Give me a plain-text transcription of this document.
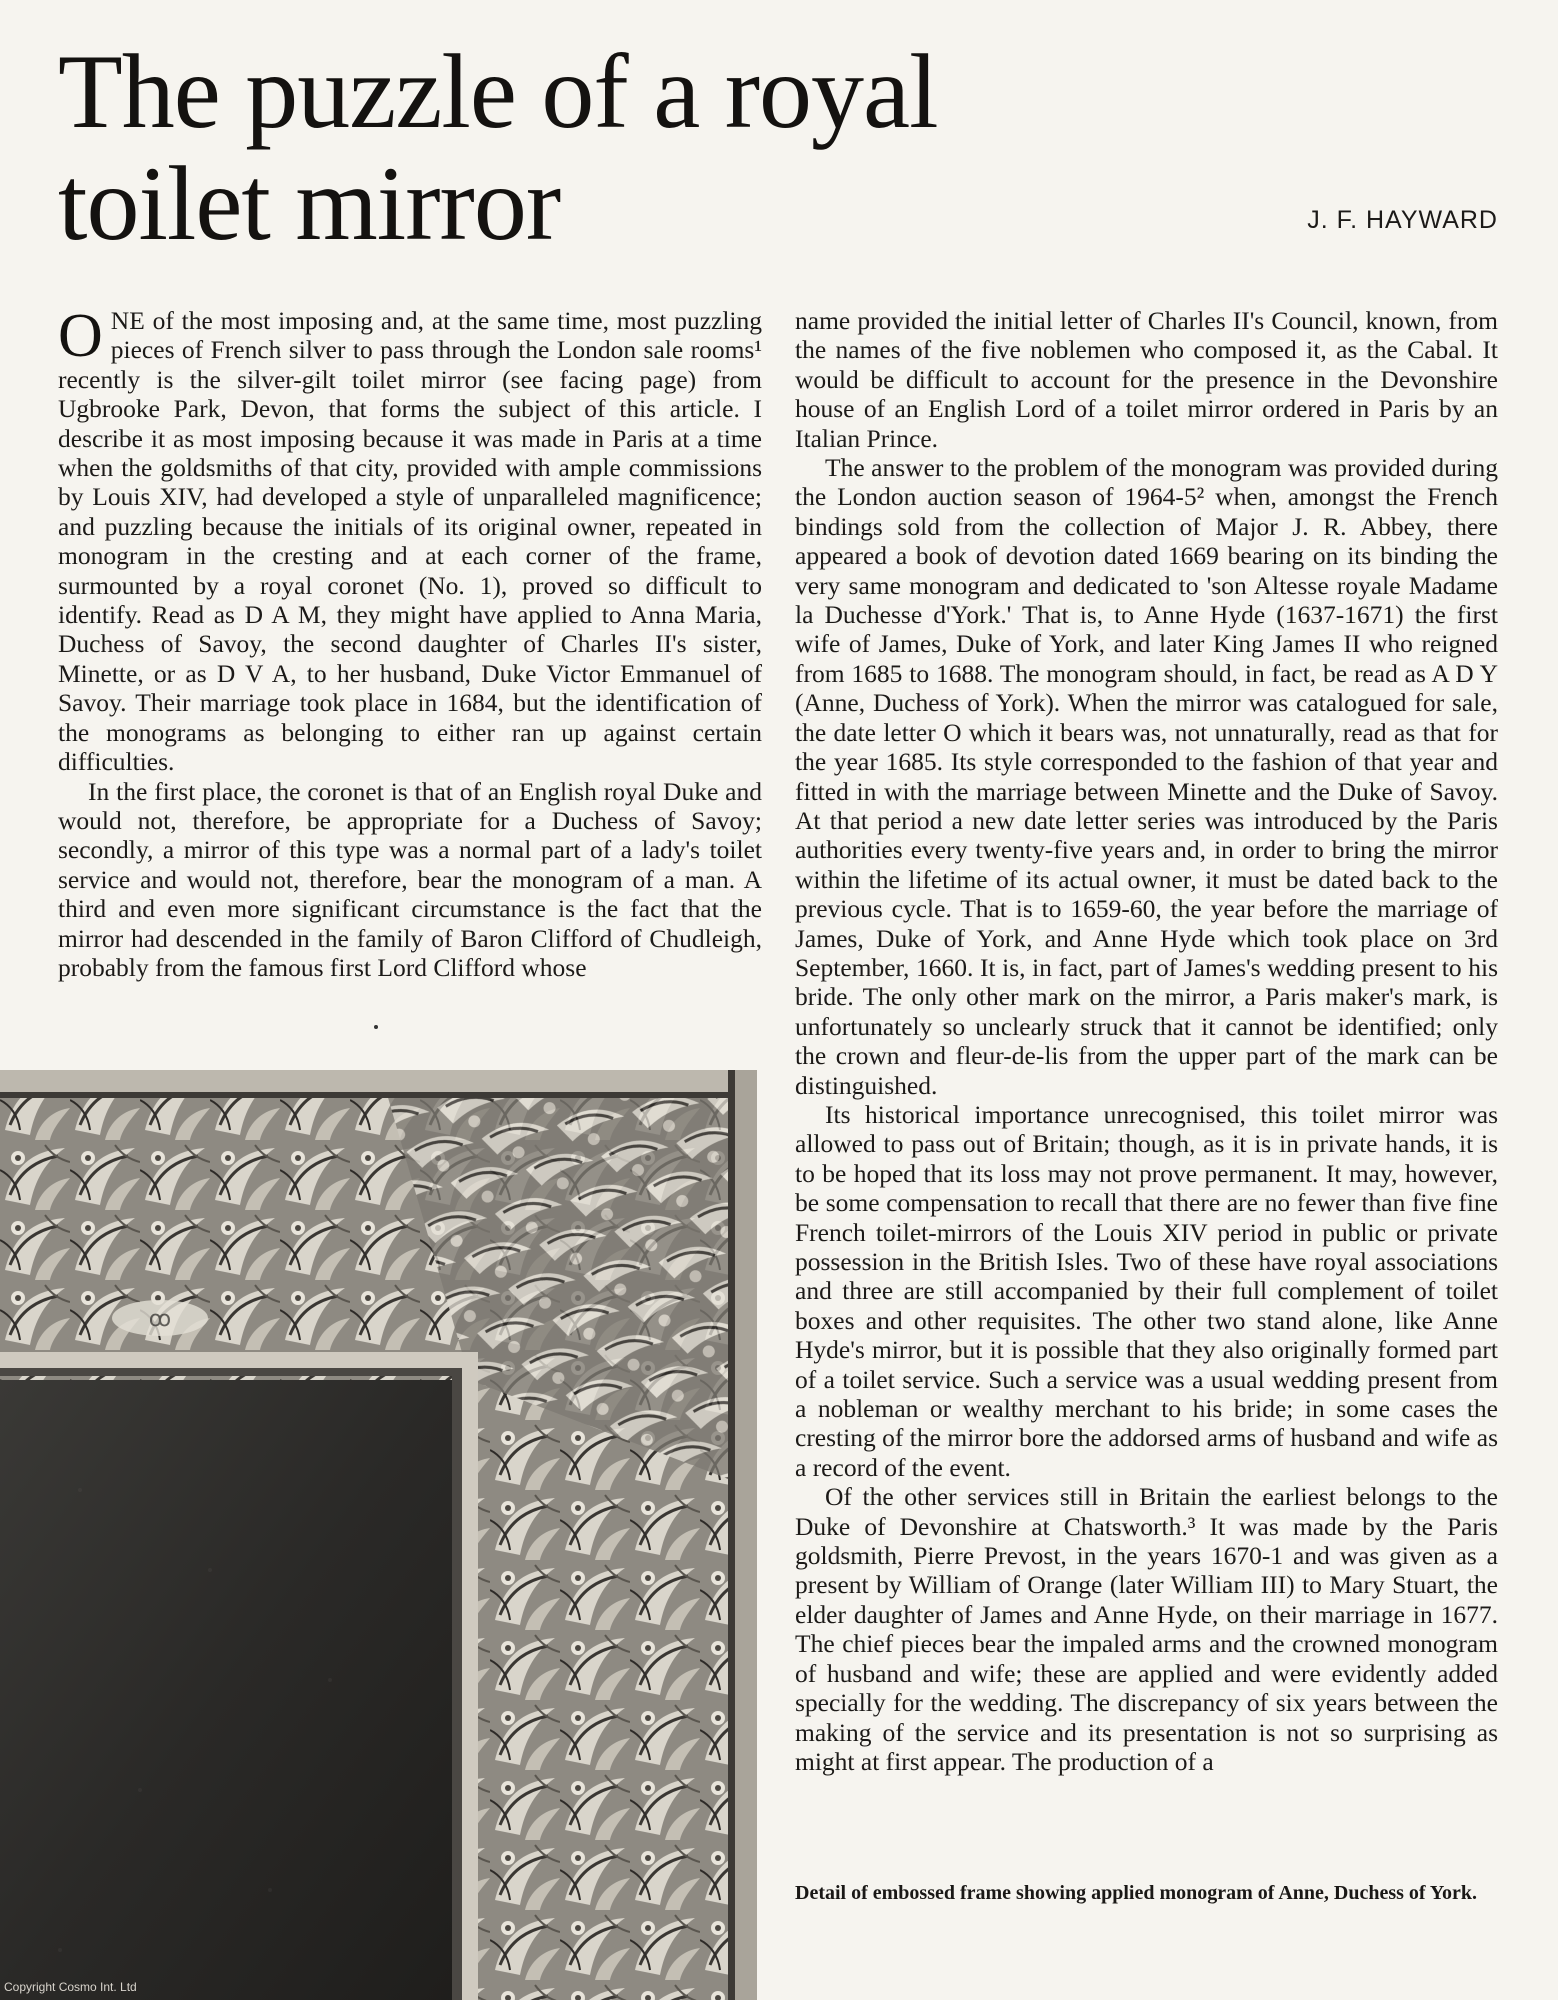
The puzzle of a royal toilet mirror	J. F. HAYWARD

ONE of the most imposing and, at the same time, most puzzling pieces of French silver to pass through the London sale rooms¹ recently is the silver-gilt toilet mirror (see facing page) from Ugbrooke Park, Devon, that forms the subject of this article. I describe it as most imposing because it was made in Paris at a time when the goldsmiths of that city, provided with ample commissions by Louis XIV, had developed a style of unparalleled magnificence; and puzzling because the initials of its original owner, repeated in monogram in the cresting and at each corner of the frame, surmounted by a royal coronet (No. 1), proved so difficult to identify. Read as D A M, they might have applied to Anna Maria, Duchess of Savoy, the second daughter of Charles II's sister, Minette, or as D V A, to her husband, Duke Victor Emmanuel of Savoy. Their marriage took place in 1684, but the identification of the monograms as belonging to either ran up against certain difficulties.

In the first place, the coronet is that of an English royal Duke and would not, therefore, be appropriate for a Duchess of Savoy; secondly, a mirror of this type was a normal part of a lady's toilet service and would not, therefore, bear the monogram of a man. A third and even more significant circumstance is the fact that the mirror had descended in the family of Baron Clifford of Chudleigh, probably from the famous first Lord Clifford whose

name provided the initial letter of Charles II's Council, known, from the names of the five noblemen who composed it, as the Cabal. It would be difficult to account for the presence in the Devonshire house of an English Lord of a toilet mirror ordered in Paris by an Italian Prince.

The answer to the problem of the monogram was provided during the London auction season of 1964-5² when, amongst the French bindings sold from the collection of Major J. R. Abbey, there appeared a book of devotion dated 1669 bearing on its binding the very same monogram and dedicated to 'son Altesse royale Madame la Duchesse d'York.' That is, to Anne Hyde (1637-1671) the first wife of James, Duke of York, and later King James II who reigned from 1685 to 1688. The monogram should, in fact, be read as A D Y (Anne, Duchess of York). When the mirror was catalogued for sale, the date letter O which it bears was, not unnaturally, read as that for the year 1685. Its style corresponded to the fashion of that year and fitted in with the marriage between Minette and the Duke of Savoy. At that period a new date letter series was introduced by the Paris authorities every twenty-five years and, in order to bring the mirror within the lifetime of its actual owner, it must be dated back to the previous cycle. That is to 1659-60, the year before the marriage of James, Duke of York, and Anne Hyde which took place on 3rd September, 1660. It is, in fact, part of James's wedding present to his bride. The only other mark on the mirror, a Paris maker's mark, is unfortunately so unclearly struck that it cannot be identified; only the crown and fleur-de-lis from the upper part of the mark can be distinguished.

Its historical importance unrecognised, this toilet mirror was allowed to pass out of Britain; though, as it is in private hands, it is to be hoped that its loss may not prove permanent. It may, however, be some compensation to recall that there are no fewer than five fine French toilet-mirrors of the Louis XIV period in public or private possession in the British Isles. Two of these have royal associations and three are still accompanied by their full complement of toilet boxes and other requisites. The other two stand alone, like Anne Hyde's mirror, but it is possible that they also originally formed part of a toilet service. Such a service was a usual wedding present from a nobleman or wealthy merchant to his bride; in some cases the cresting of the mirror bore the addorsed arms of husband and wife as a record of the event.

Of the other services still in Britain the earliest belongs to the Duke of Devonshire at Chatsworth.³ It was made by the Paris goldsmith, Pierre Prevost, in the years 1670-1 and was given as a present by William of Orange (later William III) to Mary Stuart, the elder daughter of James and Anne Hyde, on their marriage in 1677. The chief pieces bear the impaled arms and the crowned monogram of husband and wife; these are applied and were evidently added specially for the wedding. The discrepancy of six years between the making of the service and its presentation is not so surprising as might at first appear. The production of a

ꝏ
Detail of embossed frame showing applied monogram of Anne, Duchess of York.
Copyright Cosmo Int. Ltd
